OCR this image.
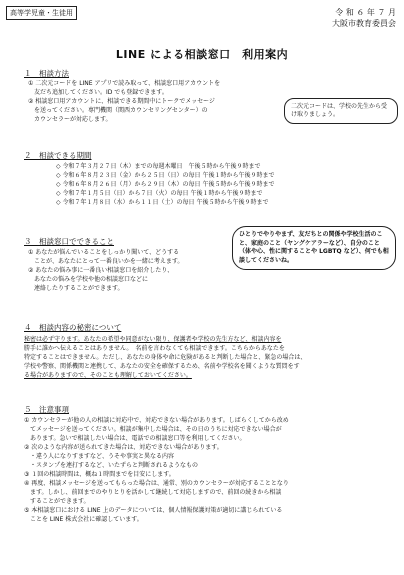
高等学児童・生徒用	令 和 ６ 年 ７ 月
大阪市教育委員会
LINE による相談窓口　利用案内
１　相談方法
① 二次元コードを LINE アプリで読み取って、相談窓口用アカウントを
　友だち追加してください。ID でも登録できます。
② 相談窓口用アカウントに、相談できる期間中にトークでメッセージ
　を送ってください。専門機関（関西カウンセリングセンター）の
　カウンセラーが対応します。
二次元コードは、学校の先生から受け取りましょう。
２　相談できる期間
◇ 令和７年３月２７日（木）までの毎週木曜日　午後５時から午後９時まで
◇ 令和６年８月２３日（金）から２５日（日）の毎日 午後１時から午後９時まで
◇ 令和６年８月２６日（月）から２９日（木）の毎日 午後５時から午後９時まで
◇ 令和７年１月５日（日）から７日（火）の毎日 午後１時から午後９時まで
◇ 令和７年１月８日（水）から１１日（土）の毎日 午後５時から午後９時まで
３　相談窓口でできること
① あなたが悩んでいることをしっかり聞いて、どうする
　ことが、あなたにとって一番良いかを一緒に考えます。
② あなたの悩み事に一番良い相談窓口を紹介したり、
　あなたの悩みを学校や他の相談窓口などに
　連絡したりすることができます。
ひとりでやりやまず、友だちとの関係や学校生活のこと、家庭のこと（ヤングケアラーなど）、自分のこと（体や心、性に関することや LGBTQ など）、何でも相談してくださいね。
４　相談内容の秘密について
秘密は必ず守ります。あなたの希望や同意がない限り、保護者や学校の先生方など、相談内容を
勝手に誰かへ伝えることはありません。　名前を言わなくても相談できます。こちらからあなたを
特定することはできません。ただし、あなたの身体や命に危険があると判断した場合と、緊急の場合は、
学校や警察、関係機関と連携して、あなたの安全を確保するため、名前や学校名を聞くような質問をす
る場合がありますので、そのことも理解しておいてください。
５　注意事項
① カウンセラーが他の人の相談に対応中で、対応できない場合があります。しばらくしてから改め
　てメッセージを送ってください。相談が集中した場合は、その日のうちに対応できない場合が
　あります。急いで相談したい場合は、電話での相談窓口等を利用してください。
② 次のような内容が送られてきた場合は、対応できない場合があります。
　・違う人になりすますなど、うそや事実と異なる内容
　・スタンプを連打するなど、いたずらと判断されるようなもの
③ １回の相談時間は、概ね１時間までを目安にします。
④ 再度、相談メッセージを送ってもらった場合は、通常、別のカウンセラーが対応することとなり
　ます。しかし、前回までのやりとりを活かして継続して対応しますので、前回の続きから相談
　することができます。
⑤ 本相談窓口における LINE 上のデータについては、個人情報保護対策が適切に講じられている
　ことを LINE 株式会社に確認しています。
